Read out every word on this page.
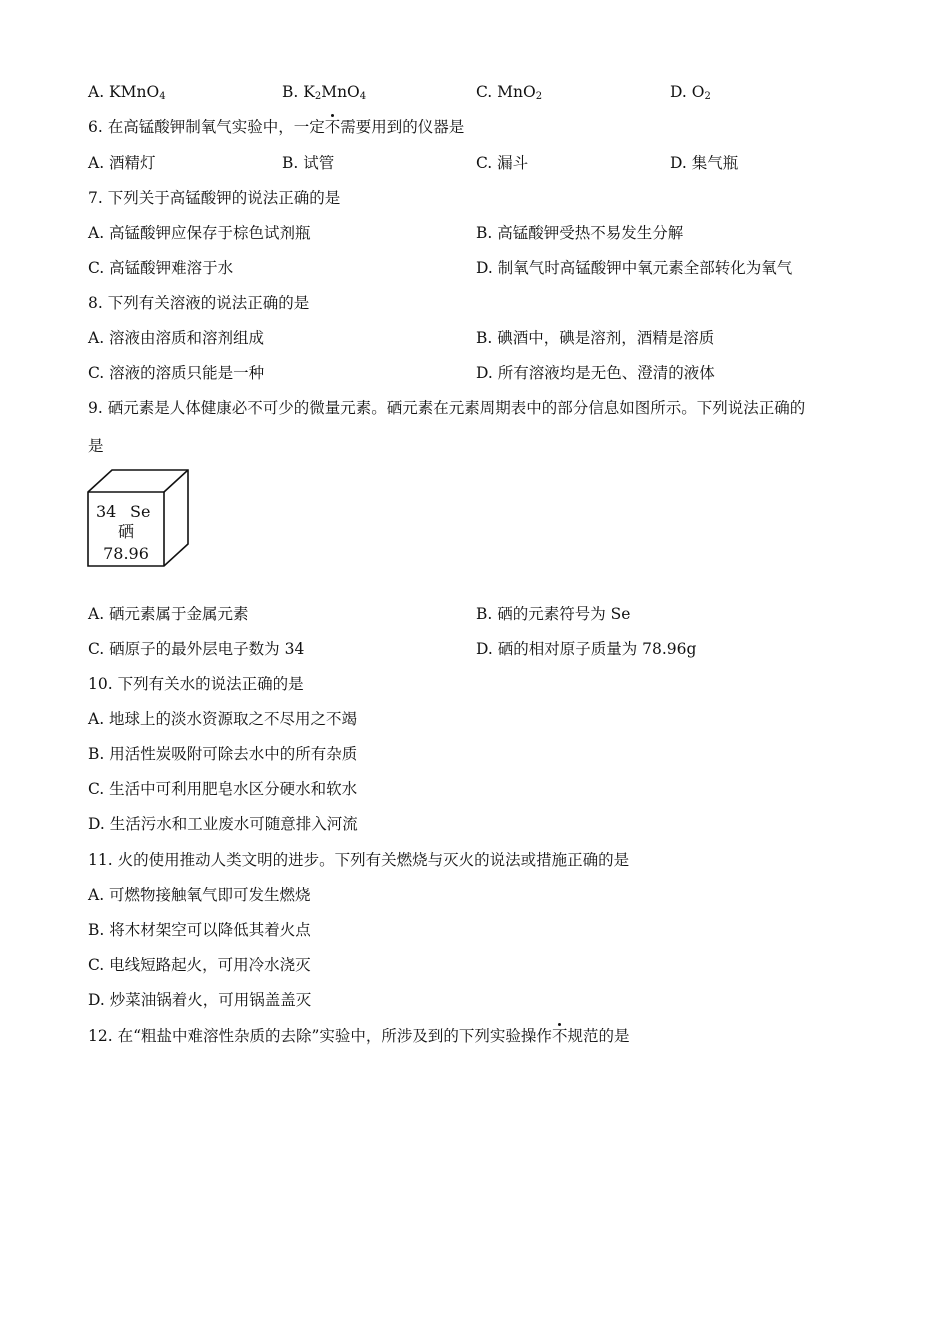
A. KMnO$_4$	B. $K_2MnO_4$	C. MnO$_2$	D. $O_2$
6. 在高锰酸钾制氧气实验中，一定不需要用到的仪器是
A. 酒精灯	B. 试管	C. 漏斗	D. 集气瓶
7. 下列关于高锰酸钾的说法正确的是
A. 高锰酸钾应保存于棕色试剂瓶	B. 高锰酸钾受热不易发生分解
C. 高锰酸钾难溶于水	D. 制氧气时高锰酸钾中氧元素全部转化为氧气
8. 下列有关溶液的说法正确的是
A. 溶液由溶质和溶剂组成	B. 碘酒中，碘是溶剂，酒精是溶质
C. 溶液的溶质只能是一种	D. 所有溶液均是无色、澄清的液体
9. 硒元素是人体健康必不可少的微量元素。硒元素在元素周期表中的部分信息如图所示。下列说法正确的
是
34 Se
硒
78.96
A. 硒元素属于金属元素	B. 硒的元素符号为 Se
C. 硒原子的最外层电子数为 34	D. 硒的相对原子质量为 78.96g
10. 下列有关水的说法正确的是
A. 地球上的淡水资源取之不尽用之不竭
B. 用活性炭吸附可除去水中的所有杂质
C. 生活中可利用肥皂水区分硬水和软水
D. 生活污水和工业废水可随意排入河流
11. 火的使用推动人类文明的进步。下列有关燃烧与灭火的说法或措施正确的是
A. 可燃物接触氧气即可发生燃烧
B. 将木材架空可以降低其着火点
C. 电线短路起火，可用冷水浇灭
D. 炒菜油锅着火，可用锅盖盖灭
12. 在“粗盐中难溶性杂质的去除”实验中，所涉及到的下列实验操作不规范的是
